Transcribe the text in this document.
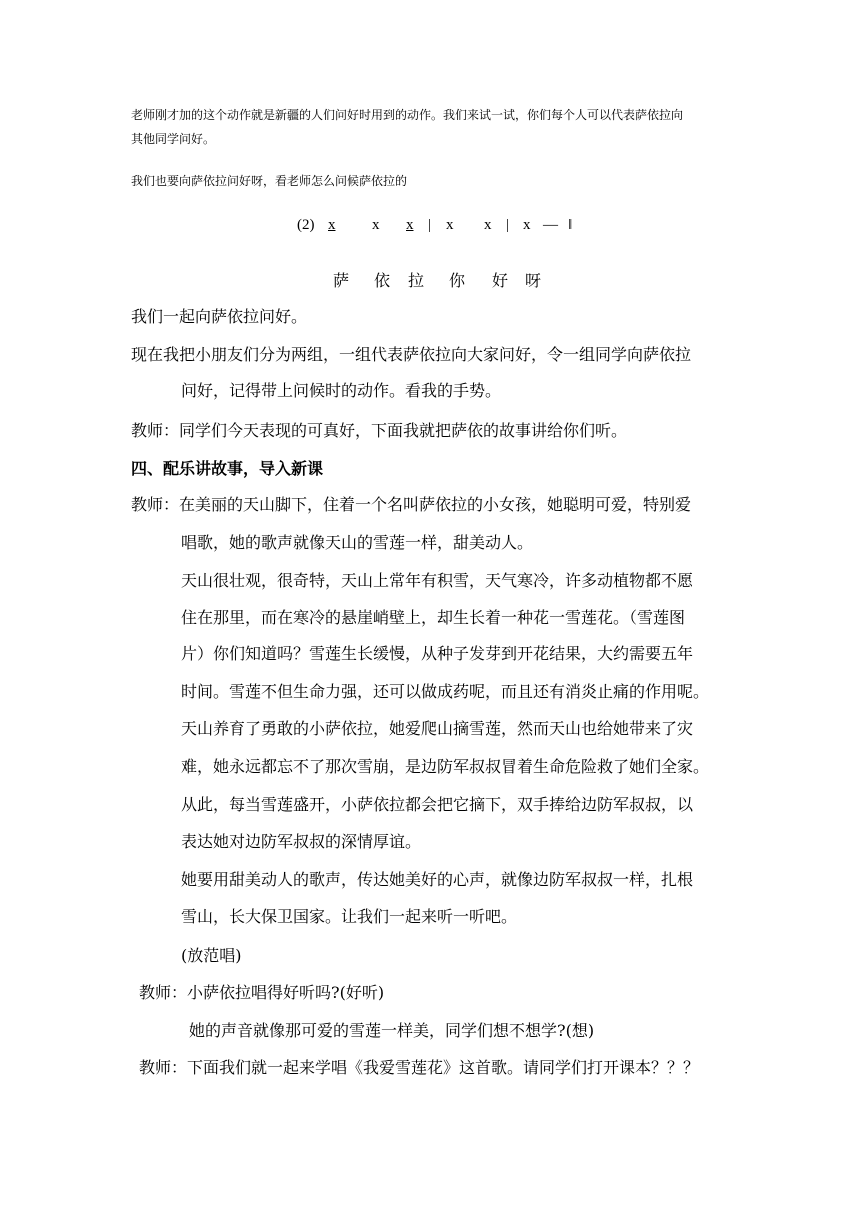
老师刚才加的这个动作就是新疆的人们问好时用到的动作。我们来试一试，你们每个人可以代表萨依拉向
其他同学问好。
我们也要向萨依拉问好呀，看老师怎么问候萨依拉的
(2) x x x | x x | x — ‖
萨 依 拉 你 好 呀
我们一起向萨依拉问好。
现在我把小朋友们分为两组，一组代表萨依拉向大家问好，令一组同学向萨依拉
问好，记得带上问候时的动作。看我的手势。
教师：同学们今天表现的可真好，下面我就把萨依的故事讲给你们听。
四、配乐讲故事，导入新课
教师：在美丽的天山脚下，住着一个名叫萨依拉的小女孩，她聪明可爱，特别爱
唱歌，她的歌声就像天山的雪莲一样，甜美动人。
天山很壮观，很奇特，天山上常年有积雪，天气寒冷，许多动植物都不愿
住在那里，而在寒冷的悬崖峭壁上，却生长着一种花一雪莲花。（雪莲图
片）你们知道吗？雪莲生长缓慢，从种子发芽到开花结果，大约需要五年
时间。雪莲不但生命力强，还可以做成药呢，而且还有消炎止痛的作用呢。
天山养育了勇敢的小萨依拉，她爱爬山摘雪莲，然而天山也给她带来了灾
难，她永远都忘不了那次雪崩，是边防军叔叔冒着生命危险救了她们全家。
从此，每当雪莲盛开，小萨依拉都会把它摘下，双手捧给边防军叔叔，以
表达她对边防军叔叔的深情厚谊。
她要用甜美动人的歌声，传达她美好的心声，就像边防军叔叔一样，扎根
雪山，长大保卫国家。让我们一起来听一听吧。
(放范唱)
教师：小萨依拉唱得好听吗?(好听)
她的声音就像那可爱的雪莲一样美，同学们想不想学?(想)
教师：下面我们就一起来学唱《我爱雪莲花》这首歌。请同学们打开课本？？？
